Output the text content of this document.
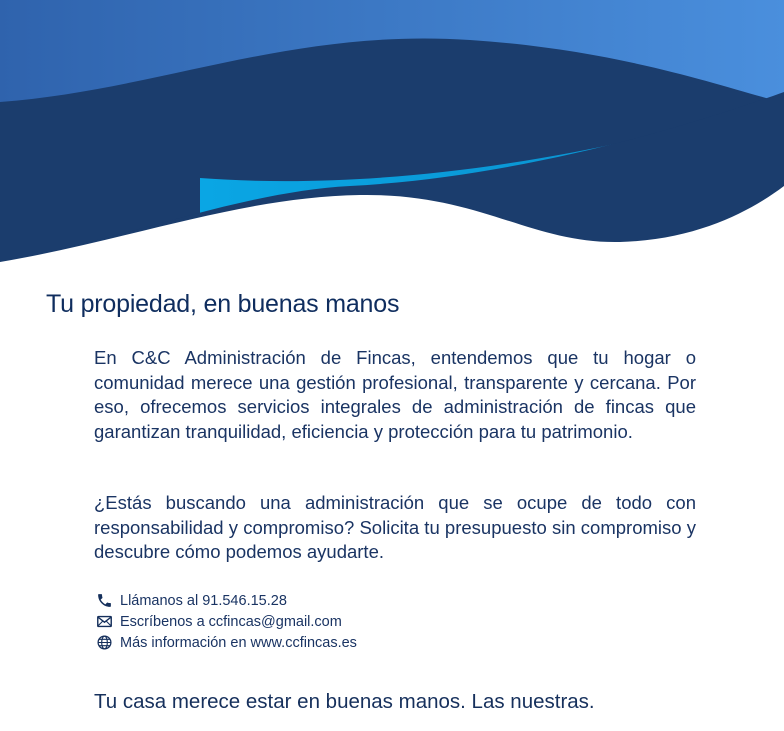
Tu propiedad, en buenas manos

En C&C Administración de Fincas, entendemos que tu hogar o comunidad merece una gestión profesional, transparente y cercana. Por eso, ofrecemos servicios integrales de administración de fincas que garantizan tranquilidad, eficiencia y protección para tu patrimonio.

¿Estás buscando una administración que se ocupe de todo con responsabilidad y compromiso? Solicita tu presupuesto sin compromiso y descubre cómo podemos ayudarte.

Llámanos al 91.546.15.28
Escríbenos a ccfincas@gmail.com
Más información en www.ccfincas.es

Tu casa merece estar en buenas manos. Las nuestras.
